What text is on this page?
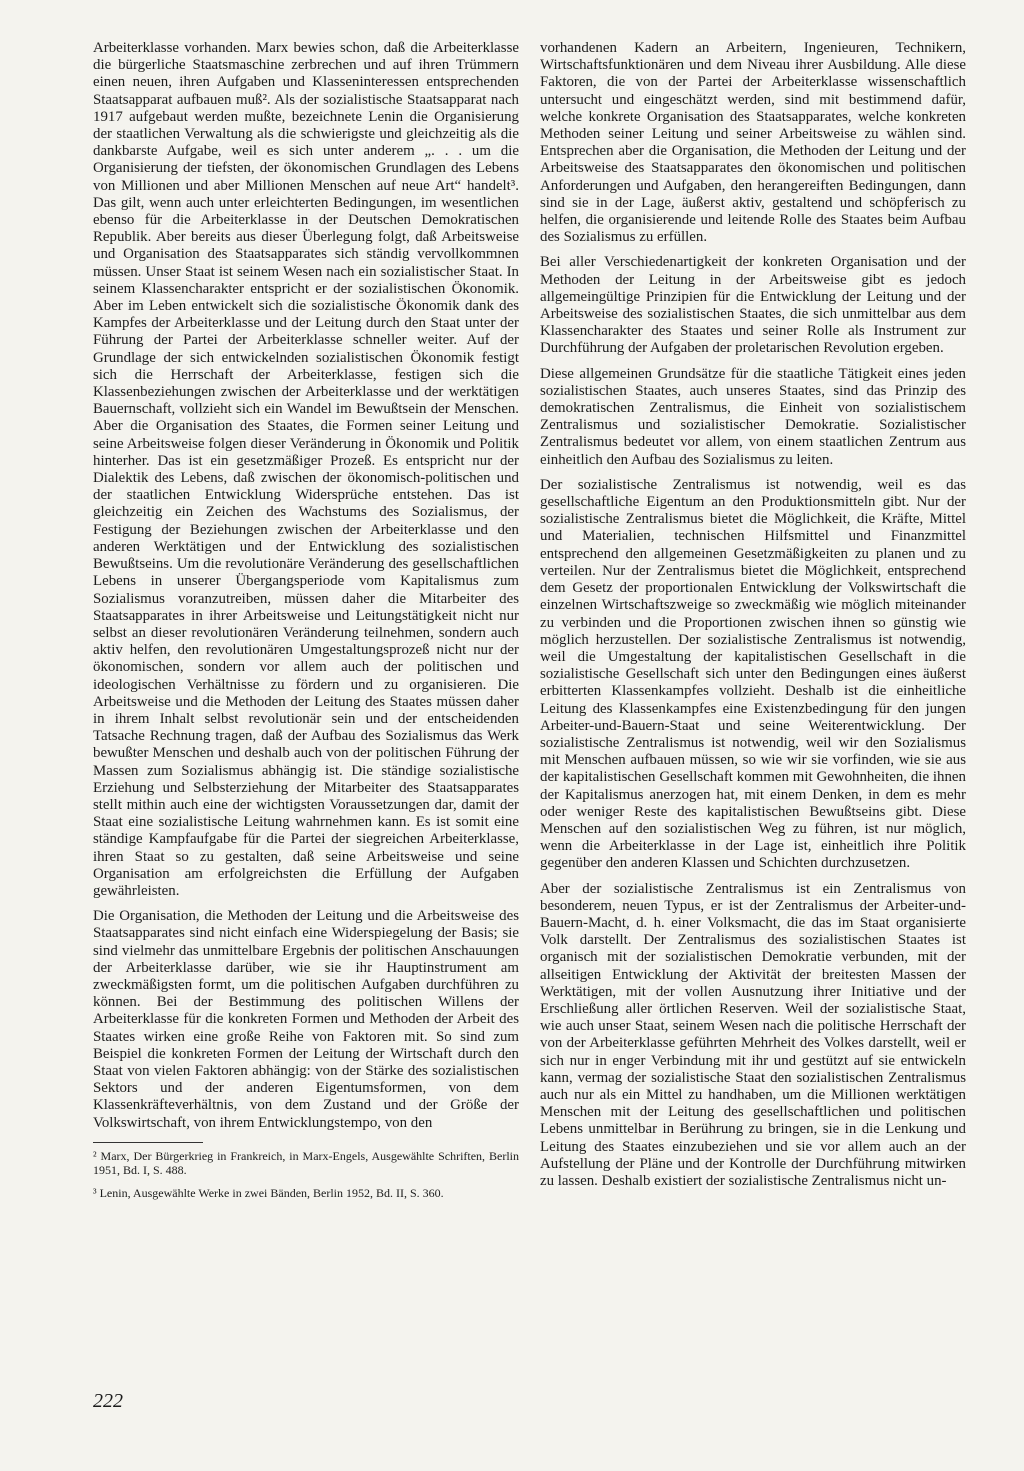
Arbeiterklasse vorhanden. Marx bewies schon, daß die Arbeiterklasse die bürgerliche Staatsmaschine zerbrechen und auf ihren Trümmern einen neuen, ihren Aufgaben und Klasseninteressen entsprechenden Staatsapparat aufbauen muß². Als der sozialistische Staatsapparat nach 1917 aufgebaut werden mußte, bezeichnete Lenin die Organisierung der staatlichen Verwaltung als die schwierigste und gleichzeitig als die dankbarste Aufgabe, weil es sich unter anderem „. . . um die Organisierung der tiefsten, der ökonomischen Grundlagen des Lebens von Millionen und aber Millionen Menschen auf neue Art“ handelt³. Das gilt, wenn auch unter erleichterten Bedingungen, im wesentlichen ebenso für die Arbeiterklasse in der Deutschen Demokratischen Republik. Aber bereits aus dieser Überlegung folgt, daß Arbeitsweise und Organisation des Staatsapparates sich ständig vervollkommnen müssen. Unser Staat ist seinem Wesen nach ein sozialistischer Staat. In seinem Klassencharakter entspricht er der sozialistischen Ökonomik. Aber im Leben entwickelt sich die sozialistische Ökonomik dank des Kampfes der Arbeiterklasse und der Leitung durch den Staat unter der Führung der Partei der Arbeiterklasse schneller weiter. Auf der Grundlage der sich entwickelnden sozialistischen Ökonomik festigt sich die Herrschaft der Arbeiterklasse, festigen sich die Klassenbeziehungen zwischen der Arbeiterklasse und der werktätigen Bauernschaft, vollzieht sich ein Wandel im Bewußtsein der Menschen. Aber die Organisation des Staates, die Formen seiner Leitung und seine Arbeitsweise folgen dieser Veränderung in Ökonomik und Politik hinterher. Das ist ein gesetzmäßiger Prozeß. Es entspricht nur der Dialektik des Lebens, daß zwischen der ökonomisch-politischen und der staatlichen Entwicklung Widersprüche entstehen. Das ist gleichzeitig ein Zeichen des Wachstums des Sozialismus, der Festigung der Beziehungen zwischen der Arbeiterklasse und den anderen Werktätigen und der Entwicklung des sozialistischen Bewußtseins. Um die revolutionäre Veränderung des gesellschaftlichen Lebens in unserer Übergangsperiode vom Kapitalismus zum Sozialismus voranzutreiben, müssen daher die Mitarbeiter des Staatsapparates in ihrer Arbeitsweise und Leitungstätigkeit nicht nur selbst an dieser revolutionären Veränderung teilnehmen, sondern auch aktiv helfen, den revolutionären Umgestaltungsprozeß nicht nur der ökonomischen, sondern vor allem auch der politischen und ideologischen Verhältnisse zu fördern und zu organisieren. Die Arbeitsweise und die Methoden der Leitung des Staates müssen daher in ihrem Inhalt selbst revolutionär sein und der entscheidenden Tatsache Rechnung tragen, daß der Aufbau des Sozialismus das Werk bewußter Menschen und deshalb auch von der politischen Führung der Massen zum Sozialismus abhängig ist. Die ständige sozialistische Erziehung und Selbsterziehung der Mitarbeiter des Staatsapparates stellt mithin auch eine der wichtigsten Voraussetzungen dar, damit der Staat eine sozialistische Leitung wahrnehmen kann. Es ist somit eine ständige Kampfaufgabe für die Partei der siegreichen Arbeiterklasse, ihren Staat so zu gestalten, daß seine Arbeitsweise und seine Organisation am erfolgreichsten die Erfüllung der Aufgaben gewährleisten.

Die Organisation, die Methoden der Leitung und die Arbeitsweise des Staatsapparates sind nicht einfach eine Widerspiegelung der Basis; sie sind vielmehr das unmittelbare Ergebnis der politischen Anschauungen der Arbeiterklasse darüber, wie sie ihr Hauptinstrument am zweckmäßigsten formt, um die politischen Aufgaben durchführen zu können. Bei der Bestimmung des politischen Willens der Arbeiterklasse für die konkreten Formen und Methoden der Arbeit des Staates wirken eine große Reihe von Faktoren mit. So sind zum Beispiel die konkreten Formen der Leitung der Wirtschaft durch den Staat von vielen Faktoren abhängig: von der Stärke des sozialistischen Sektors und der anderen Eigentumsformen, von dem Klassenkräfteverhältnis, von dem Zustand und der Größe der Volkswirtschaft, von ihrem Entwicklungstempo, von den

² Marx, Der Bürgerkrieg in Frankreich, in Marx-Engels, Ausgewählte Schriften, Berlin 1951, Bd. I, S. 488.

³ Lenin, Ausgewählte Werke in zwei Bänden, Berlin 1952, Bd. II, S. 360.

vorhandenen Kadern an Arbeitern, Ingenieuren, Technikern, Wirtschaftsfunktionären und dem Niveau ihrer Ausbildung. Alle diese Faktoren, die von der Partei der Arbeiterklasse wissenschaftlich untersucht und eingeschätzt werden, sind mit bestimmend dafür, welche konkrete Organisation des Staatsapparates, welche konkreten Methoden seiner Leitung und seiner Arbeitsweise zu wählen sind. Entsprechen aber die Organisation, die Methoden der Leitung und der Arbeitsweise des Staatsapparates den ökonomischen und politischen Anforderungen und Aufgaben, den herangereiften Bedingungen, dann sind sie in der Lage, äußerst aktiv, gestaltend und schöpferisch zu helfen, die organisierende und leitende Rolle des Staates beim Aufbau des Sozialismus zu erfüllen.

Bei aller Verschiedenartigkeit der konkreten Organisation und der Methoden der Leitung in der Arbeitsweise gibt es jedoch allgemeingültige Prinzipien für die Entwicklung der Leitung und der Arbeitsweise des sozialistischen Staates, die sich unmittelbar aus dem Klassencharakter des Staates und seiner Rolle als Instrument zur Durchführung der Aufgaben der proletarischen Revolution ergeben.

Diese allgemeinen Grundsätze für die staatliche Tätigkeit eines jeden sozialistischen Staates, auch unseres Staates, sind das Prinzip des demokratischen Zentralismus, die Einheit von sozialistischem Zentralismus und sozialistischer Demokratie. Sozialistischer Zentralismus bedeutet vor allem, von einem staatlichen Zentrum aus einheitlich den Aufbau des Sozialismus zu leiten.

Der sozialistische Zentralismus ist notwendig, weil es das gesellschaftliche Eigentum an den Produktionsmitteln gibt. Nur der sozialistische Zentralismus bietet die Möglichkeit, die Kräfte, Mittel und Materialien, technischen Hilfsmittel und Finanzmittel entsprechend den allgemeinen Gesetzmäßigkeiten zu planen und zu verteilen. Nur der Zentralismus bietet die Möglichkeit, entsprechend dem Gesetz der proportionalen Entwicklung der Volkswirtschaft die einzelnen Wirtschaftszweige so zweckmäßig wie möglich miteinander zu verbinden und die Proportionen zwischen ihnen so günstig wie möglich herzustellen. Der sozialistische Zentralismus ist notwendig, weil die Umgestaltung der kapitalistischen Gesellschaft in die sozialistische Gesellschaft sich unter den Bedingungen eines äußerst erbitterten Klassenkampfes vollzieht. Deshalb ist die einheitliche Leitung des Klassenkampfes eine Existenzbedingung für den jungen Arbeiter-und-Bauern-Staat und seine Weiterentwicklung. Der sozialistische Zentralismus ist notwendig, weil wir den Sozialismus mit Menschen aufbauen müssen, so wie wir sie vorfinden, wie sie aus der kapitalistischen Gesellschaft kommen mit Gewohnheiten, die ihnen der Kapitalismus anerzogen hat, mit einem Denken, in dem es mehr oder weniger Reste des kapitalistischen Bewußtseins gibt. Diese Menschen auf den sozialistischen Weg zu führen, ist nur möglich, wenn die Arbeiterklasse in der Lage ist, einheitlich ihre Politik gegenüber den anderen Klassen und Schichten durchzusetzen.

Aber der sozialistische Zentralismus ist ein Zentralismus von besonderem, neuen Typus, er ist der Zentralismus der Arbeiter-und-Bauern-Macht, d. h. einer Volksmacht, die das im Staat organisierte Volk darstellt. Der Zentralismus des sozialistischen Staates ist organisch mit der sozialistischen Demokratie verbunden, mit der allseitigen Entwicklung der Aktivität der breitesten Massen der Werktätigen, mit der vollen Ausnutzung ihrer Initiative und der Erschließung aller örtlichen Reserven. Weil der sozialistische Staat, wie auch unser Staat, seinem Wesen nach die politische Herrschaft der von der Arbeiterklasse geführten Mehrheit des Volkes darstellt, weil er sich nur in enger Verbindung mit ihr und gestützt auf sie entwickeln kann, vermag der sozialistische Staat den sozialistischen Zentralismus auch nur als ein Mittel zu handhaben, um die Millionen werktätigen Menschen mit der Leitung des gesellschaftlichen und politischen Lebens unmittelbar in Berührung zu bringen, sie in die Lenkung und Leitung des Staates einzubeziehen und sie vor allem auch an der Aufstellung der Pläne und der Kontrolle der Durchführung mitwirken zu lassen. Deshalb existiert der sozialistische Zentralismus nicht un-

222
